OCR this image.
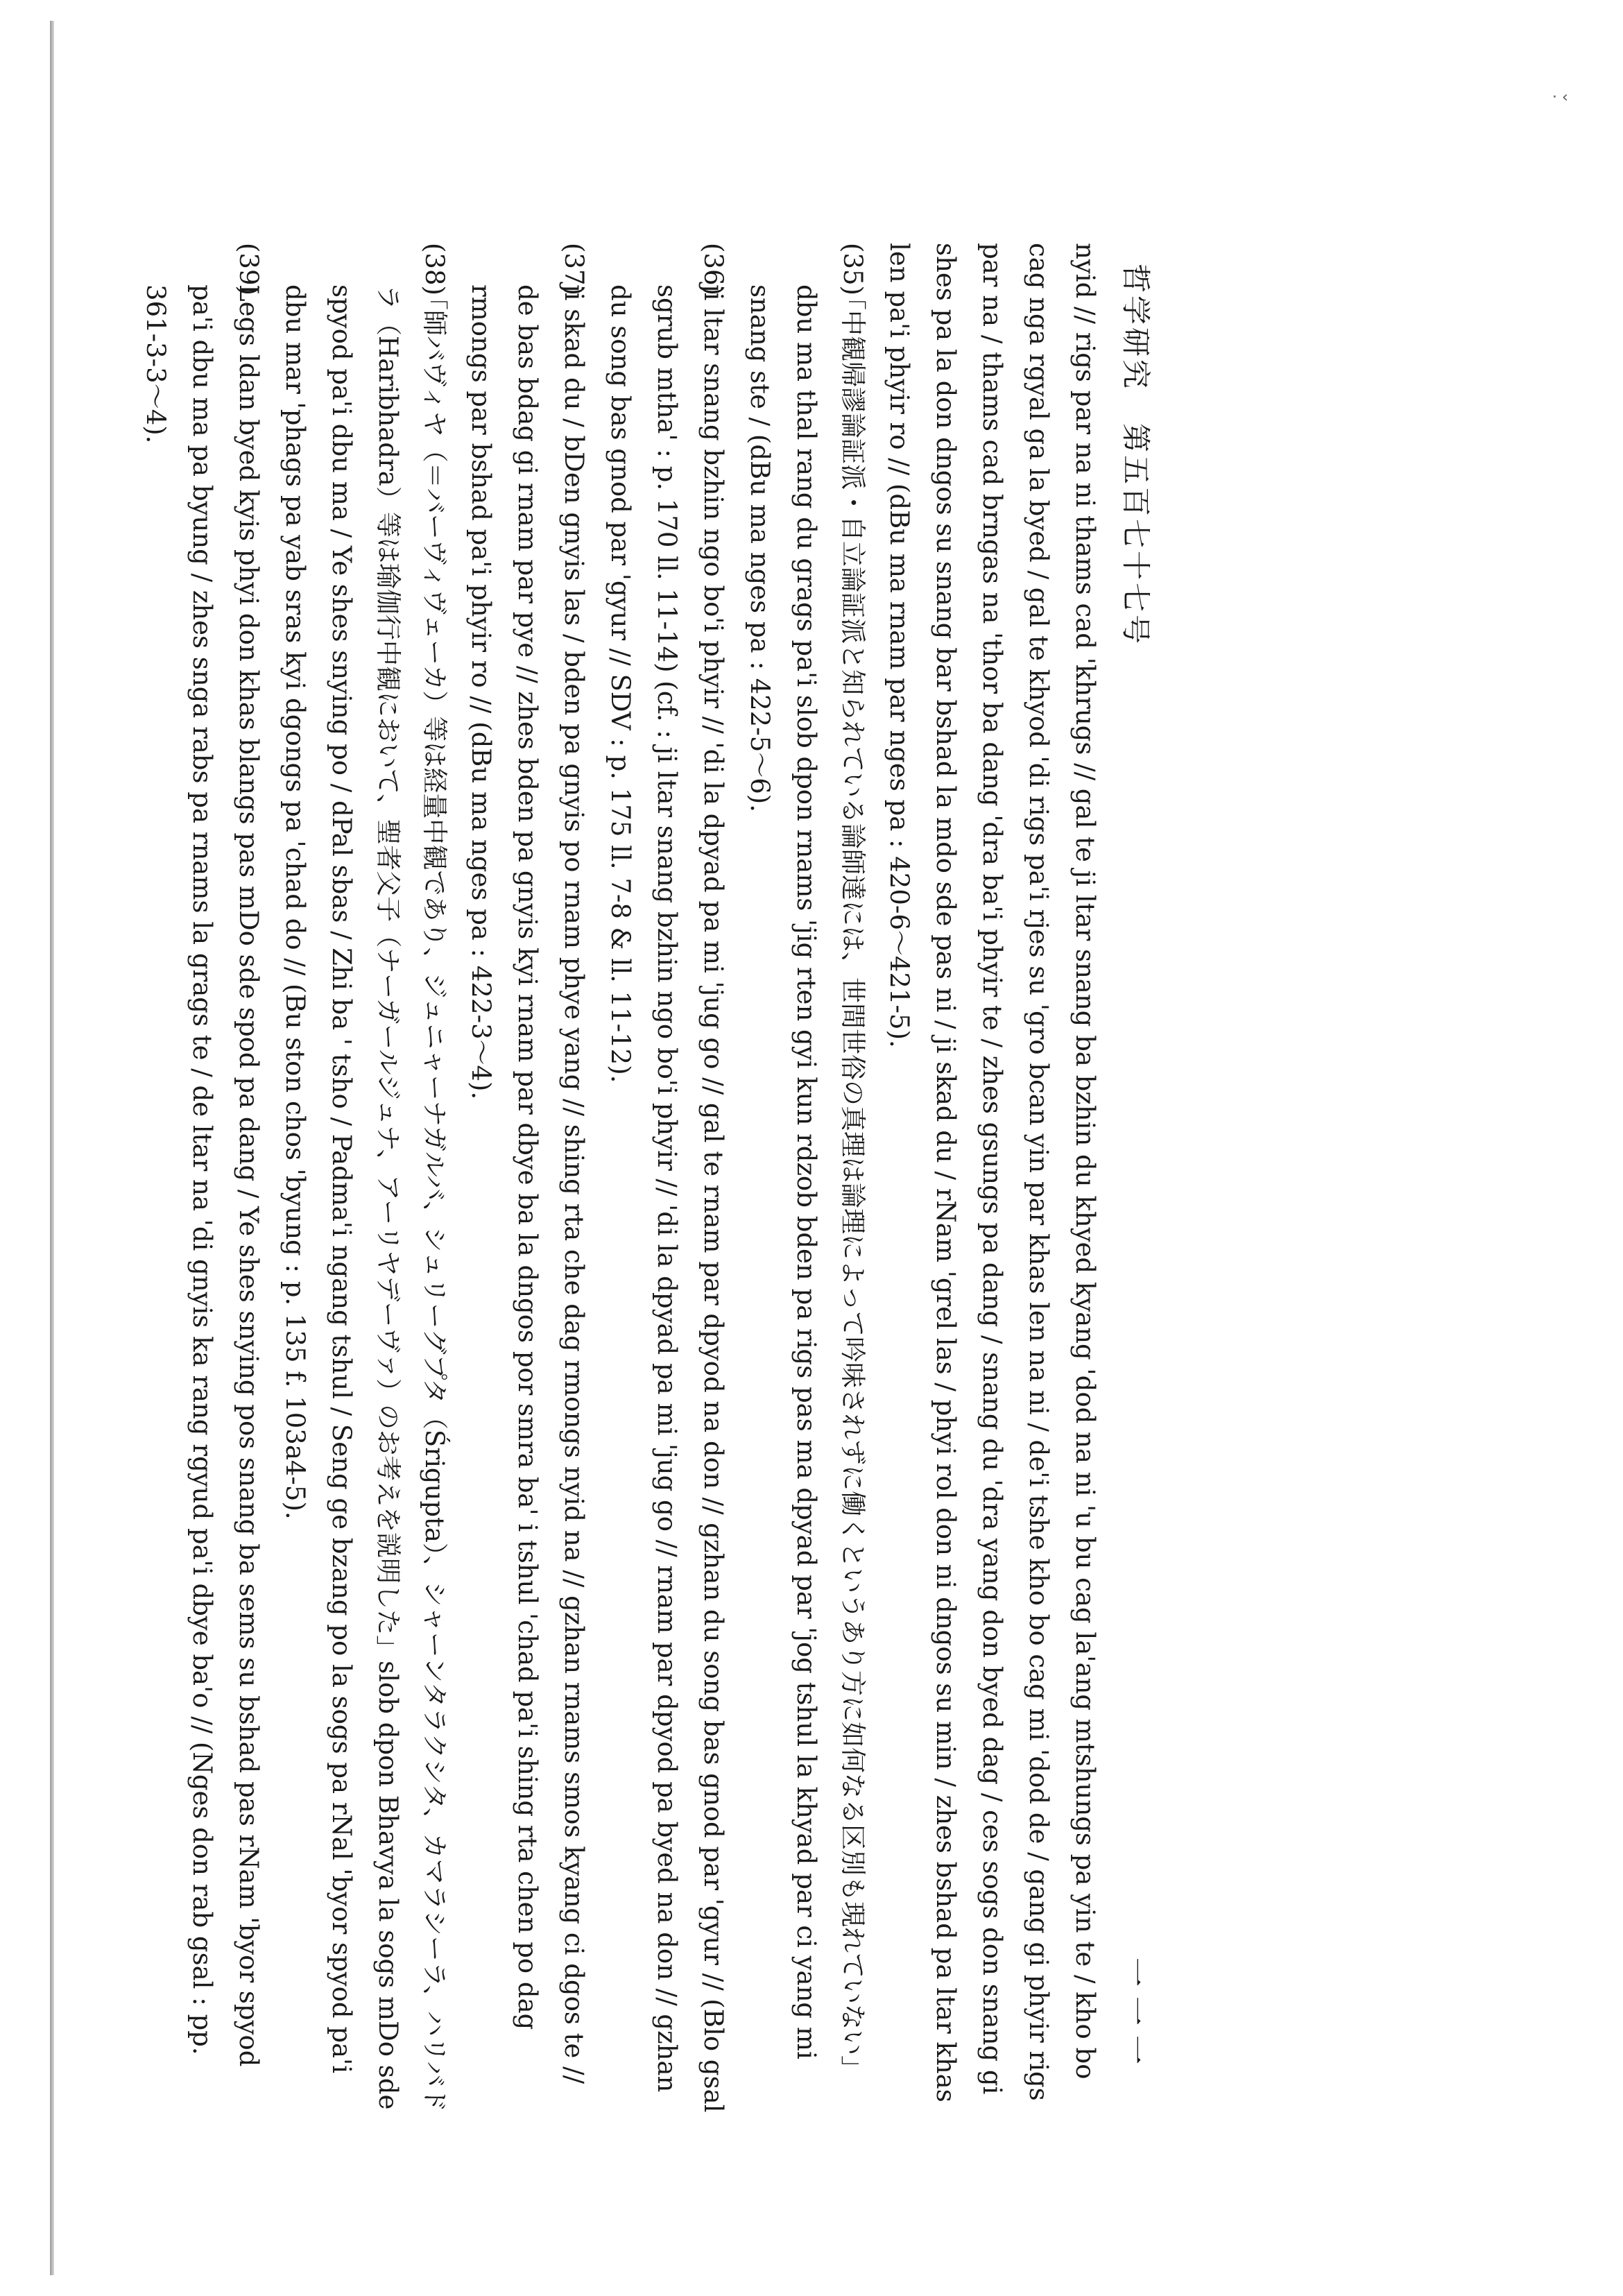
· ‹
哲学研究　第五百七十七号
一一一

nyid // rigs par na ni thams cad 'khrugs // gal te ji ltar snang ba bzhin du khyed kyang 'dod na ni 'u bu cag la'ang mtshungs pa yin te / kho bo cag nga rgyal ga la byed / gal te khyod 'di rigs pa'i rjes su 'gro bcan yin par khas len na ni / de'i tshe kho bo cag mi 'dod de / gang gi phyir rigs par na / thams cad brngas na 'thor ba dang 'dra ba'i phyir te / zhes gsungs pa dang / snang du 'dra yang don byed dag / ces sogs don snang gi shes pa la don dngos su snang bar bshad la mdo sde pas ni / ji skad du / rNam 'grel las / phyi rol don ni dngos su min / zhes bshad pa ltar khas len pa'i phyir ro // (dBu ma rnam par nges pa : 420-6〜421-5).

(35)
「中観帰謬論証派・自立論証派と知られている論師達には、世間世俗の真理は論理によって吟味されずに働くというあり方に如何なる区別も現れていない」dbu ma thal rang du grags pa'i slob dpon rnams 'jig rten gyi kun rdzob bden pa rigs pas ma dpyad par 'jog tshul la khyad par ci yang mi snang ste / (dBu ma nges pa : 422-5〜6).
(36)
ji ltar snang bzhin ngo bo'i phyir // 'di la dpyad pa mi 'jug go // gal te rnam par dpyod na don // gzhan du song bas gnod par 'gyur // (Blo gsal sgrub mtha' : p. 170 ll. 11-14) (cf. : ji ltar snang bzhin ngo bo'i phyir // 'di la dpyad pa mi 'jug go // rnam par dpyod pa byed na don // gzhan du song bas gnod par 'gyur // SDV : p. 175 ll. 7-8 & ll. 11-12).
(37)
ji skad du / bDen gnyis las / bden pa gnyis po rnam phye yang // shing rta che dag rmongs nyid na // gzhan rnams smos kyang ci dgos te // de bas bdag gi rnam par pye // zhes bden pa gnyis kyi rnam par dbye ba la dngos por smra ba' i tshul 'chad pa'i shing rta chen po dag rmongs par bshad pa'i phyir ro // (dBu ma nges pa : 422-3〜4).
(38)
「師バヴィヤ（＝バーヴィヴェーカ）等は経量中観であり、ジュニャーナガルバ、シュリーグプタ（Śrigupta）、シャーンタラクシタ、カマラシーラ、ハリバドラ（Haribhadra）等は瑜伽行中観において、聖者父子（ナーガールジュナ、アーリヤデーヴァ）のお考えを説明した」slob dpon Bhavya la sogs mDo sde spyod pa'i dbu ma / Ye shes snying po / dPal sbas / Zhi ba ' tsho / Padma'i ngang tshul / Seng ge bzang po la sogs pa rNal 'byor spyod pa'i dbu mar 'phags pa yab sras kyi dgongs pa 'chad do // (Bu ston chos 'byung : p. 135 f. 103a4-5).
(39)
Legs ldan byed kyis phyi don khas blangs pas mDo sde spod pa dang / Ye shes snying pos snang ba sems su bshad pas rNam 'byor spyod pa'i dbu ma pa byung / zhes snga rabs pa rnams la grags te / de ltar na 'di gnyis ka rang rgyud pa'i dbye ba'o // (Nges don rab gsal : pp. 361-3-3〜4).
